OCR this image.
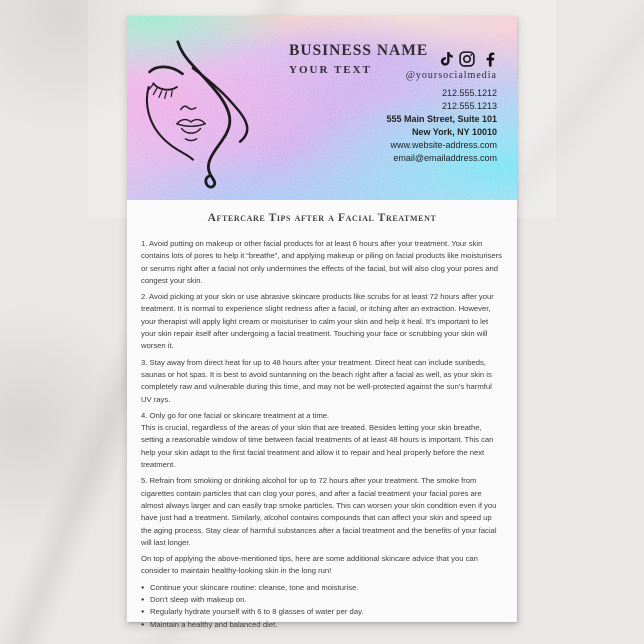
BUSINESS NAME
YOUR TEXT	@yoursocialmedia
212.555.1212
212.555.1213
555 Main Street, Suite 101
New York, NY 10010
www.website-address.com
email@emailaddress.com
Aftercare Tips after a Facial Treatment

1. Avoid putting on makeup or other facial products for at least 6 hours after your treatment. Your skin contains lots of pores to help it “breathe”, and applying makeup or piling on facial products like moisturisers or serums right after a facial not only undermines the effects of the facial, but will also clog your pores and congest your skin.

2. Avoid picking at your skin or use abrasive skincare products like scrubs for at least 72 hours after your treatment. It is normal to experience slight redness after a facial, or itching after an extraction. However, your therapist will apply light cream or moisturiser to calm your skin and help it heal. It’s important to let your skin repair itself after undergoing a facial treatment. Touching your face or scrubbing your skin will worsen it.

3. Stay away from direct heat for up to 48 hours after your treatment. Direct heat can include sunbeds, saunas or hot spas. It is best to avoid suntanning on the beach right after a facial as well, as your skin is completely raw and vulnerable during this time, and may not be well-protected against the sun’s harmful UV rays.

4. Only go for one facial or skincare treatment at a time.

This is crucial, regardless of the areas of your skin that are treated. Besides letting your skin breathe, setting a reasonable window of time between facial treatments of at least 48 hours is important. This can help your skin adapt to the first facial treatment and allow it to repair and heal properly before the next treatment.

5. Refrain from smoking or drinking alcohol for up to 72 hours after your treatment. The smoke from cigarettes contain particles that can clog your pores, and after a facial treatment your facial pores are almost always larger and can easily trap smoke particles. This can worsen your skin condition even if you have just had a treatment. Similarly, alcohol contains compounds that can affect your skin and speed up the aging process. Stay clear of harmful substances after a facial treatment and the benefits of your facial will last longer.

On top of applying the above-mentioned tips, here are some additional skincare advice that you can consider to maintain healthy-looking skin in the long run!

● Continue your skincare routine: cleanse, tone and moisturise.
● Don’t sleep with makeup on.
● Regularly hydrate yourself with 6 to 8 glasses of water per day.
● Maintain a healthy and balanced diet.
